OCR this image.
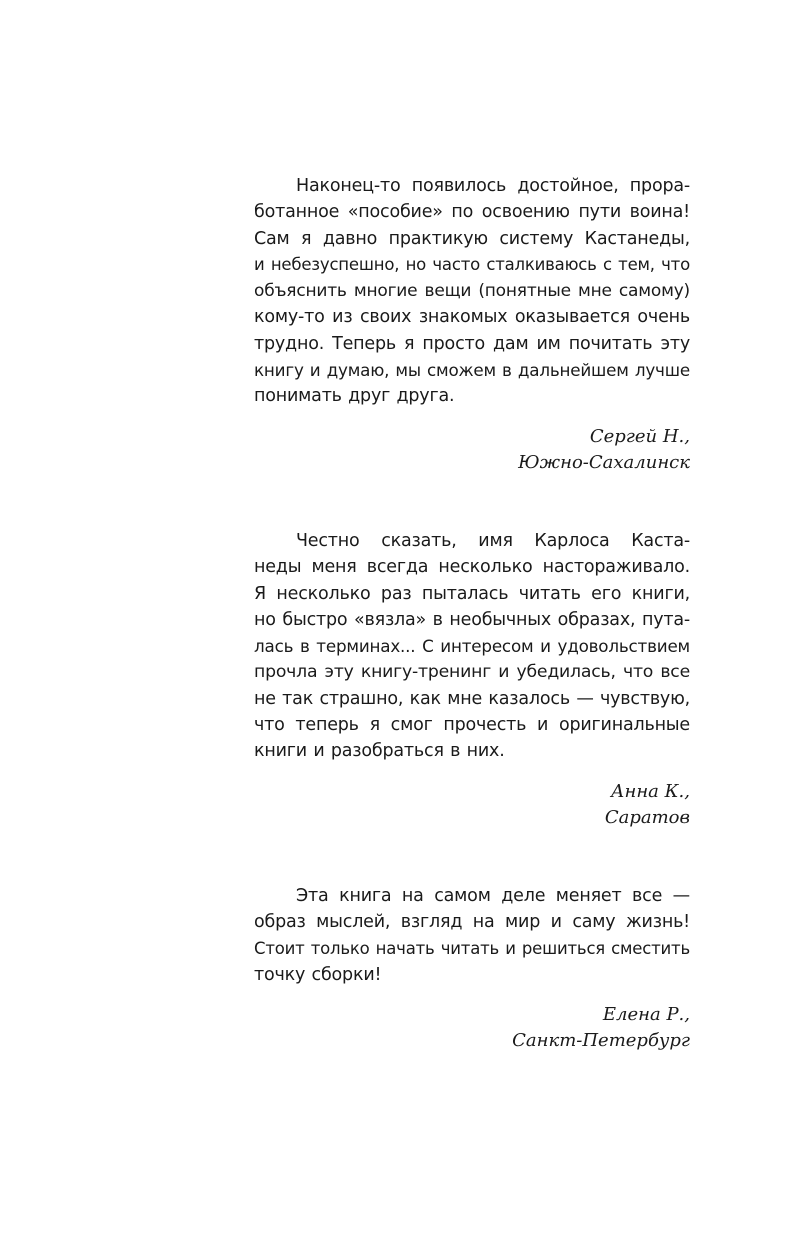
Наконец-то появилось достойное, прора-
ботанное «пособие» по освоению пути воина!
Сам я давно практикую систему Кастанеды,
и небезуспешно, но часто сталкиваюсь с тем, что
объяснить многие вещи (понятные мне самому)
кому-то из своих знакомых оказывается очень
трудно. Теперь я просто дам им почитать эту
книгу и думаю, мы сможем в дальнейшем лучше
понимать друг друга.
Сергей Н.,
Южно-Сахалинск
Честно сказать, имя Карлоса Каста-
неды меня всегда несколько настораживало.
Я несколько раз пыталась читать его книги,
но быстро «вязла» в необычных образах, пута-
лась в терминах... С интересом и удовольствием
прочла эту книгу-тренинг и убедилась, что все
не так страшно, как мне казалось — чувствую,
что теперь я смог прочесть и оригинальные
книги и разобраться в них.
Анна К.,
Саратов
Эта книга на самом деле меняет все —
образ мыслей, взгляд на мир и саму жизнь!
Стоит только начать читать и решиться сместить
точку сборки!
Елена Р.,
Санкт-Петербург
